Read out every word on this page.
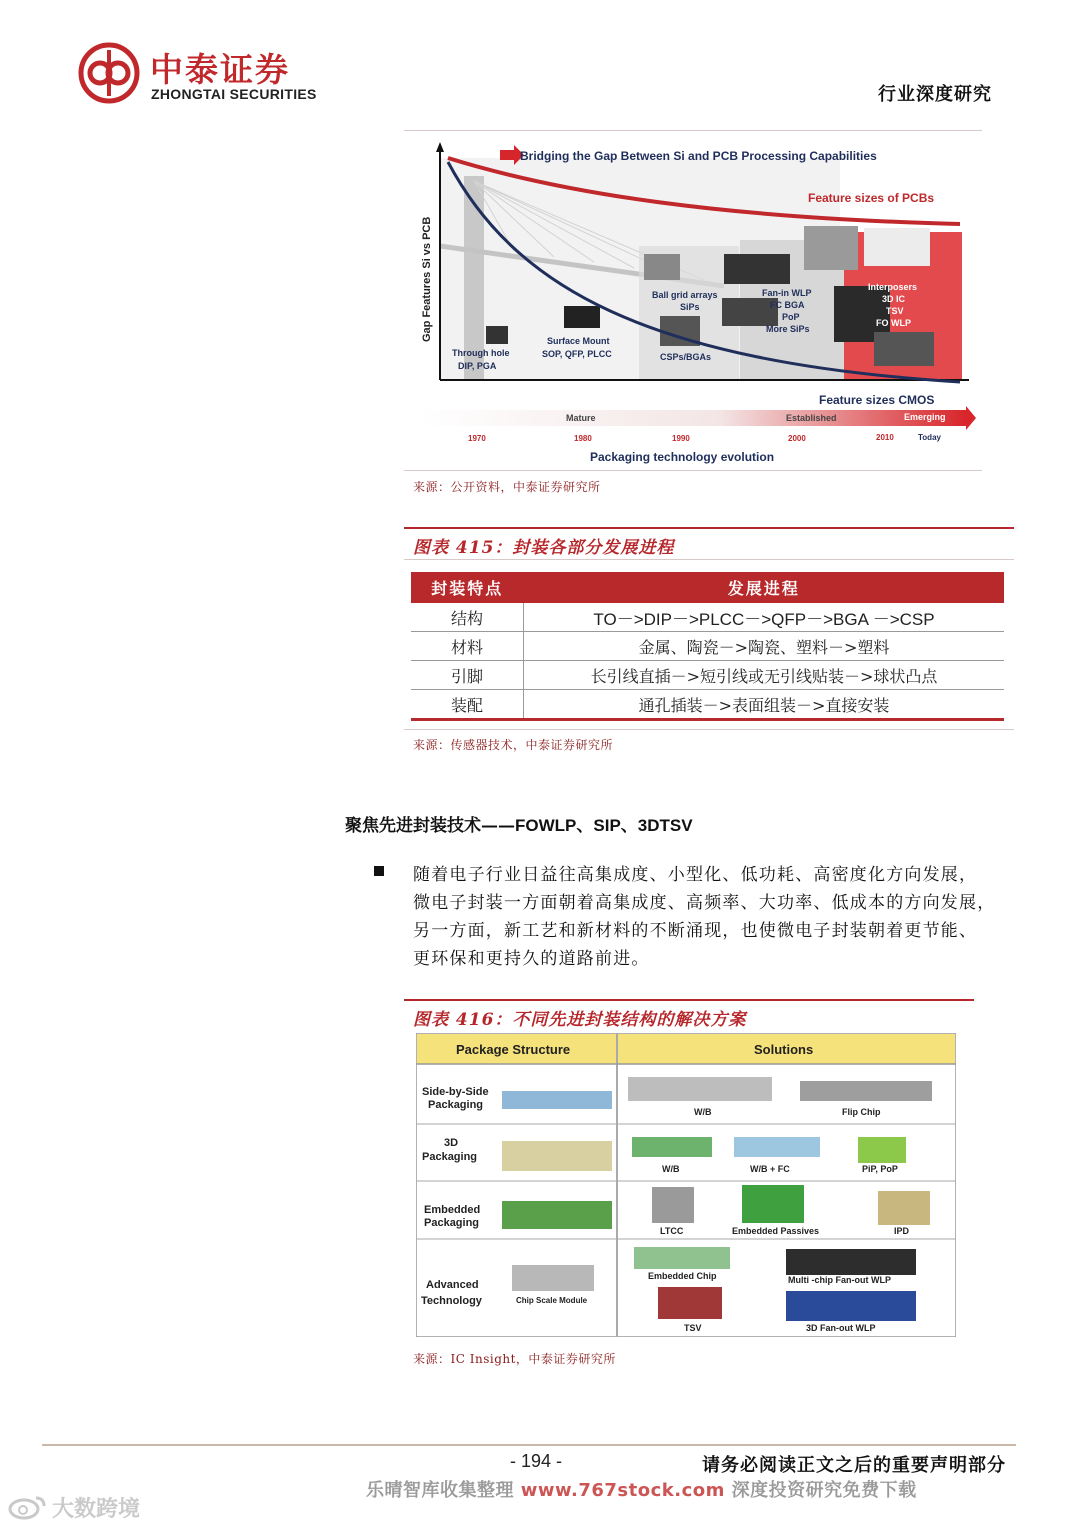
中泰证券
ZHONGTAI SECURITIES	行业深度研究
Bridging the Gap Between Si and PCB Processing Capabilities
Feature sizes of PCBs
Feature sizes CMOS
Gap Features Si vs PCB
Through hole
DIP, PGA
Surface Mount
SOP, QFP, PLCC
Ball grid arrays
SiPs
CSPs/BGAs
Fan-in WLP
FC BGA
PoP
More SiPs
Interposers
3D IC
TSV
FO WLP
Mature	Established	Emerging
1970	1980	1990	2000	2010	Today
Packaging technology evolution
来源：公开资料，中泰证券研究所
图表 415：封装各部分发展进程
封装特点	发展进程
结构	TO－>DIP－>PLCC－>QFP－>BGA －>CSP
材料	金属、陶瓷－>陶瓷、塑料－>塑料
引脚	长引线直插－>短引线或无引线贴装－>球状凸点
装配	通孔插装－>表面组装－>直接安装
来源：传感器技术，中泰证券研究所
聚焦先进封装技术——FOWLP、SIP、3DTSV
随着电子行业日益往高集成度、小型化、低功耗、高密度化方向发展，
微电子封装一方面朝着高集成度、高频率、大功率、低成本的方向发展，
另一方面，新工艺和新材料的不断涌现，也使微电子封装朝着更节能、
更环保和更持久的道路前进。
图表 416：不同先进封装结构的解决方案
Package Structure	Solutions
Side-by-Side
Packaging
3D
Packaging
Embedded
Packaging
Advanced
Technology	Chip Scale Module
W/B	Flip Chip
W/B	W/B + FC	PiP, PoP
LTCC	Embedded Passives	IPD
Embedded Chip	Multi -chip Fan-out WLP
TSV	3D Fan-out WLP
来源：IC Insight，中泰证券研究所
- 194 -	请务必阅读正文之后的重要声明部分
乐晴智库收集整理 www.767stock.com 深度投资研究免费下载
大数跨境
